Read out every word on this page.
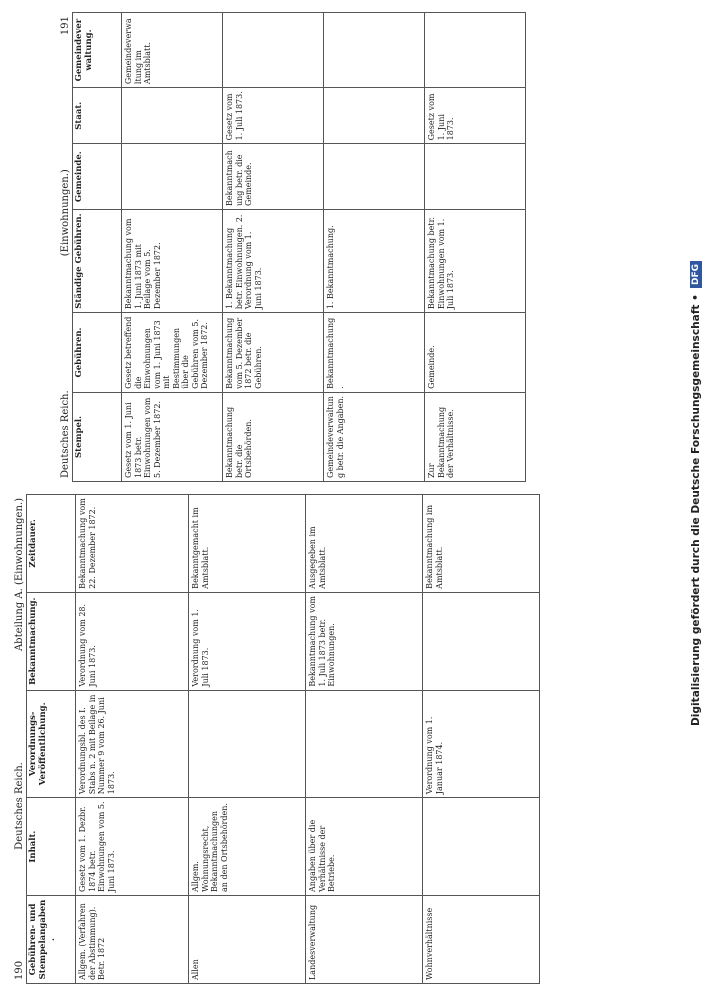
190
Deutsches Reich.
Abteilung A. (Einwohnungen.)
Gebühren- und Stempelangaben.	Inhalt.	Verordnungs-Veröffentlichung.	Bekanntmachung.	Zeitdauer.
Allgem. (Verfahren der Abstimmung). Betr. 1872	Gesetz vom 1. Dezbr. 1874 betr. Einwohnungen vom 5. Juni 1873.	Verordnungsbl. des I. Stabs n. 2 mit Beilage in Nummer 9 vom 26. Juni 1873.	Verordnung vom 28. Juni 1873.	Bekanntmachung vom 22. Dezember 1872.
Allen	Allgem. Wohnungsrecht, Bekanntmachungen an den Ortsbehörden.		Verordnung vom 1. Juli 1873.	Bekanntgemacht im Amtsblatt.
Landesverwaltung	Angaben über die Verhältnisse der Betriebe.		Bekanntmachung vom 1. Juli 1873 betr. Einwohnungen.	Ausgegeben im Amtsblatt.
Wohnverhältnisse		Verordnung vom 1. Januar 1874.		Bekanntmachung im Amtsblatt.
Deutsches Reich.
(Einwohnungen.)
191
Stempel.	Gebühren.	Ständige Gebühren.	Gemeinde.	Staat.	Gemeindeverwaltung.
Gesetz vom 1. Juni 1873 betr. Einwohnungen vom 5. Dezember 1872.	Gesetz betreffend die Einwohnungen vom 1. Juni 1873 mit Bestimmungen über die Gebühren vom 5. Dezember 1872.	Bekanntmachung vom 1. Juni 1873 mit Beilage vom 5. Dezember 1872.			Gemeindeverwaltung im Amtsblatt.
Bekanntmachung betr. die Ortsbehörden.	Bekanntmachung vom 5. Dezember 1872 betr. die Gebühren.	1. Bekanntmachung betr. Einwohnungen. 2. Verordnung vom 1. Juni 1873.	Bekanntmachung betr. die Gemeinde.	Gesetz vom 1. Juli 1873.	
Gemeindeverwaltung betr. die Angaben.	Bekanntmachung.	1. Bekanntmachung.			
Zur Bekanntmachung der Verhältnisse.	Gemeinde.	Bekanntmachung betr. Einwohnungen vom 1. Juli 1873.		Gesetz vom 1. Juni 1873.	
Digitalisierung gefördert durch die Deutsche Forschungsgemeinschaft •
DFG
